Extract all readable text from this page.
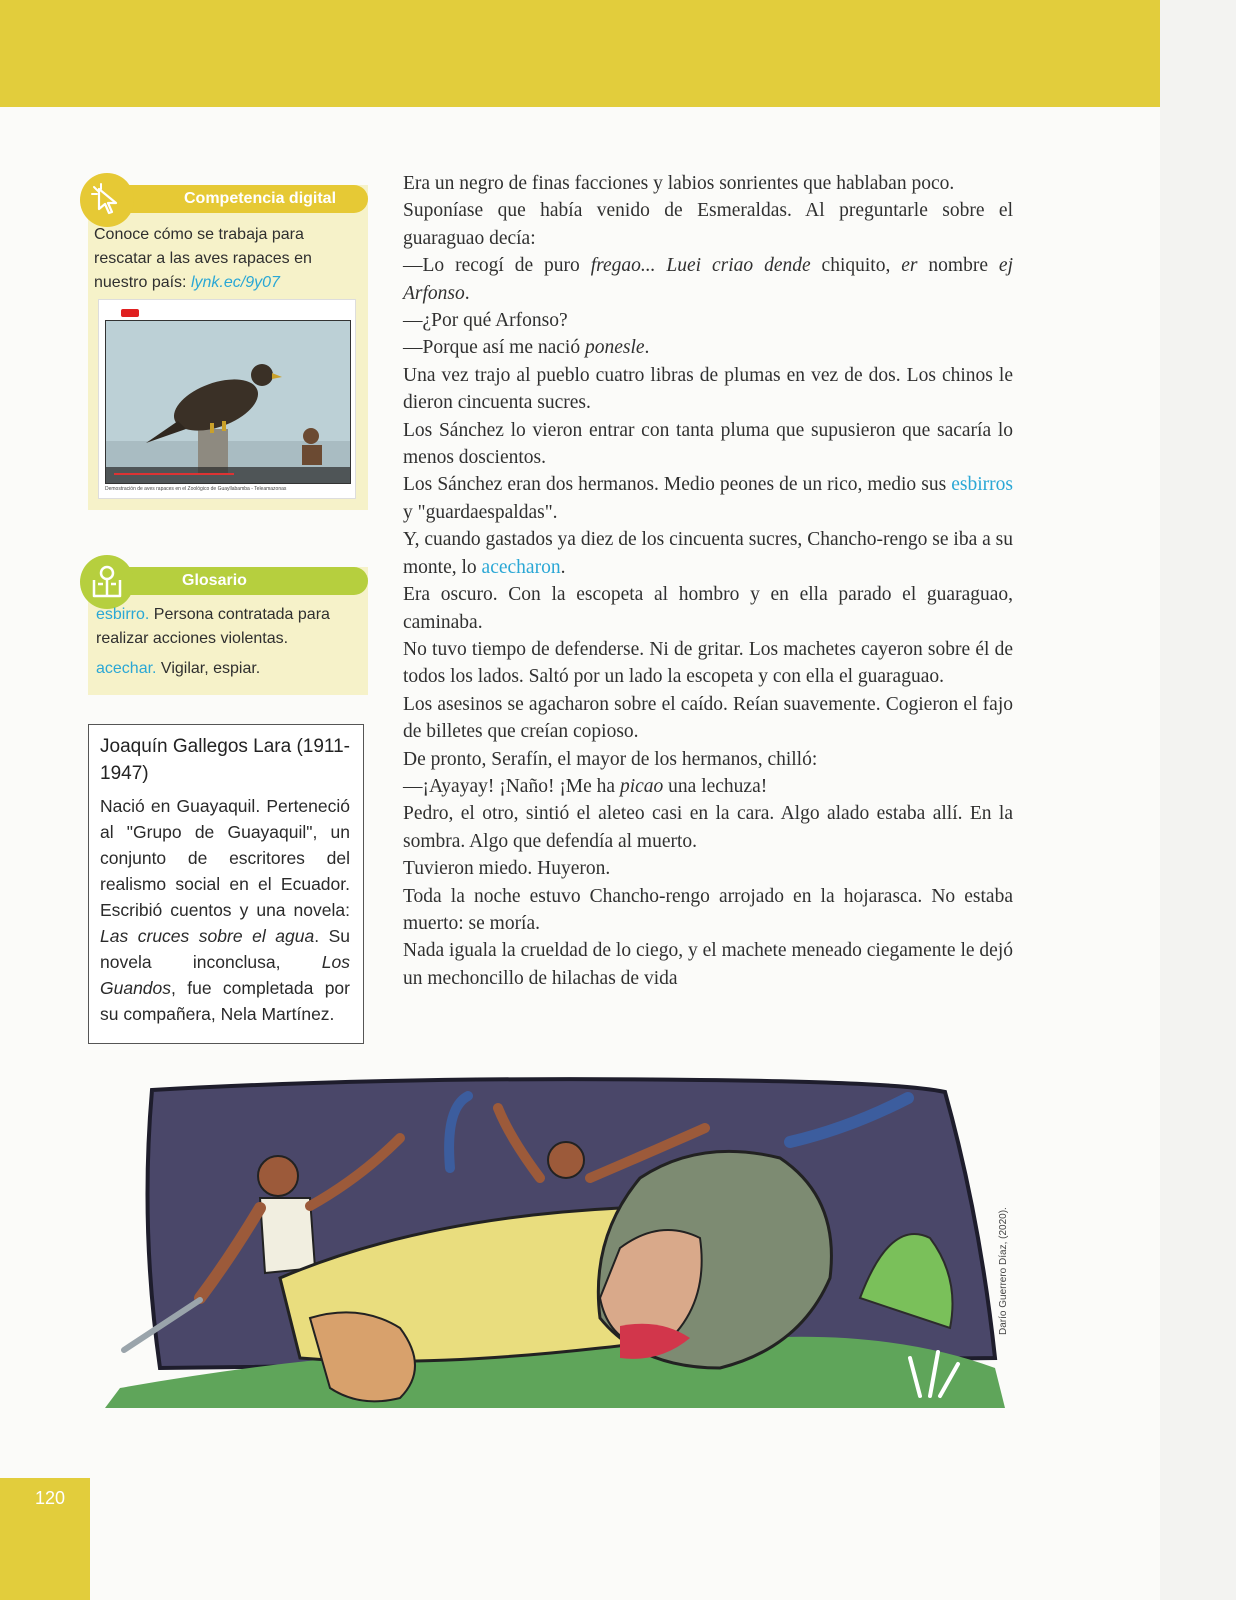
Competencia digital
Conoce cómo se trabaja para rescatar a las aves rapaces en nuestro país: lynk.ec/9y07
Demostración de aves rapaces en el Zoológico de Guayllabamba - Teleamazonas
Glosario
esbirro. Persona contratada para realizar acciones violentas.
acechar. Vigilar, espiar.
Joaquín Gallegos Lara (1911-1947)
Nació en Guayaquil. Perteneció al "Grupo de Guayaquil", un conjunto de escritores del realismo social en el Ecuador. Escribió cuentos y una novela: Las cruces sobre el agua. Su novela inconclusa, Los Guandos, fue completada por su compañera, Nela Martínez.

Era un negro de finas facciones y labios sonrientes que hablaban poco.

Suponíase que había venido de Esmeraldas. Al preguntarle sobre el guaraguao decía:

—Lo recogí de puro fregao... Luei criao dende chiquito, er nombre ej Arfonso.

—¿Por qué Arfonso?

—Porque así me nació ponesle.

Una vez trajo al pueblo cuatro libras de plumas en vez de dos. Los chinos le dieron cincuenta sucres.

Los Sánchez lo vieron entrar con tanta pluma que supusieron que sacaría lo menos doscientos.

Los Sánchez eran dos hermanos. Medio peones de un rico, medio sus esbirros y "guardaespaldas".

Y, cuando gastados ya diez de los cincuenta sucres, Chancho-rengo se iba a su monte, lo acecharon.

Era oscuro. Con la escopeta al hombro y en ella parado el guaraguao, caminaba.

No tuvo tiempo de defenderse. Ni de gritar. Los machetes cayeron sobre él de todos los lados. Saltó por un lado la escopeta y con ella el guaraguao.

Los asesinos se agacharon sobre el caído. Reían suavemente. Cogieron el fajo de billetes que creían copioso.

De pronto, Serafín, el mayor de los hermanos, chilló:

—¡Ayayay! ¡Naño! ¡Me ha picao una lechuza!

Pedro, el otro, sintió el aleteo casi en la cara. Algo alado estaba allí. En la sombra. Algo que defendía al muerto.

Tuvieron miedo. Huyeron.

Toda la noche estuvo Chancho-rengo arrojado en la hojarasca. No estaba muerto: se moría.

Nada iguala la crueldad de lo ciego, y el machete meneado ciegamente le dejó un mechoncillo de hilachas de vida

Darío Guerrero Díaz, (2020).
120
